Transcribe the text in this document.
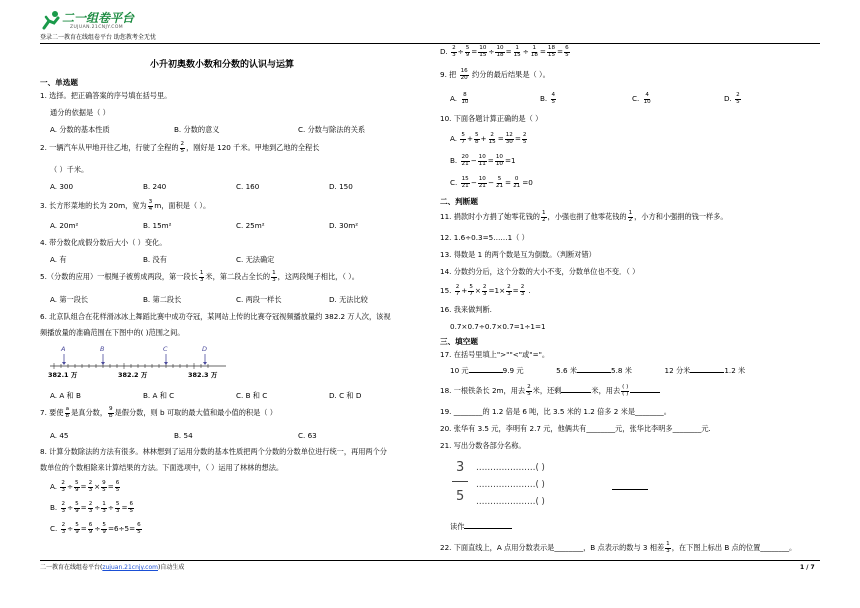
二一组卷平台
ZUJUAN.21CNJY.COM
登录二一教育在线组卷平台 助您教考全无忧
小升初奥数小数和分数的认识与运算
一、单选题
1. 选择。把正确答案的序号填在括号里。
通分的依据是（ ）
A. 分数的基本性质	B. 分数的意义	C. 分数与除法的关系
2. 一辆汽车从甲地开往乙地，行驶了全程的 $\frac{2}{5}$ ，刚好是 120 千米。甲地到乙地的全程长
（ ）千米。
A. 300	B. 240	C. 160	D. 150
3. 长方形菜地的长为 20m，宽为 $\frac{3}{4}$ m，面积是（ ）。
A. 20m²	B. 15m²	C. 25m²	D. 30m²
4. 带分数化成假分数后大小（ ）变化。
A. 有	B. 没有	C. 无法确定
5.（分数的应用）一根绳子被剪成两段，第一段长 $\frac{1}{3}$ 米，第二段占全长的 $\frac{1}{3}$ ，这两段绳子相比，（ ）。
A. 第一段长	B. 第二段长	C. 两段一样长	D. 无法比较
6. 北京队组合在花样滑冰冰上舞蹈比赛中成功夺冠，某网站上传的比赛夺冠视频播放量约 382.2 万人次，该视
频播放量的准确范围在下图中的( )范围之间。
A	B	C	D
382.1 万	382.2 万	382.3 万
A. A 和 B	B. A 和 C	C. B 和 C	D. C 和 D
7. 要使 $\frac{a}{8}$ 是真分数， $\frac{9}{b}$ 是假分数，则 b 可取的最大值和最小值的积是（ ）
A. 45	B. 54	C. 63
8. 计算分数除法的方法有很多。林林想到了运用分数的基本性质把两个分数的分数单位进行统一，再用两个分
数单位的个数相除来计算结果的方法。下面选项中，（ ）运用了林林的想法。
A. $\frac{2}{3} \div \frac{5}{9} = \frac{2}{3} \times \frac{9}{5} = \frac{6}{5}$
B. $\frac{2}{3} \div \frac{5}{9} = \frac{2}{3} \div \frac{1}{3} \div \frac{5}{3} = \frac{6}{5}$
C. $\frac{2}{3} \div \frac{5}{9} = \frac{6}{9} \div \frac{5}{9} =6\div 5= \frac{6}{5}$
D. $\frac{2}{3} \div \frac{5}{9} = \frac{10}{15} \div \frac{10}{18} = \frac{1}{15} \div \frac{1}{18} = \frac{18}{15} = \frac{6}{5}$
9. 把 $\frac{16}{20}$ 约分的最后结果是（ ）。
A. $\frac{8}{10}$	B. $\frac{4}{5}$	C. $\frac{4}{10}$	D. $\frac{2}{5}$
10. 下面各题计算正确的是（ ）
A. $\frac{5}{7} + \frac{5}{8} + \frac{2}{15} = \frac{12}{30} = \frac{2}{5}$
B. $\frac{20}{21} - \frac{10}{11} = \frac{10}{10} =1$
C. $\frac{15}{21} - \frac{10}{21} - \frac{5}{21} = \frac{0}{21} =0$
二、判断题
11. 捐款时小方捐了她零花钱的 $\frac{1}{2}$ ，小强也捐了他零花钱的 $\frac{1}{2}$ ，小方和小强捐的钱一样多。
12. 1.6÷0.3=5……1（ ）
13. 得数是 1 的两个数是互为倒数。（判断对错）
14. 分数约分后，这个分数的大小不变，分数单位也不变．（ ）
15. $\frac{2}{7} + \frac{5}{7} \times \frac{2}{3} =1\times \frac{2}{3} = \frac{2}{3}$ .
16. 我来做判断.
0.7×0.7÷0.7×0.7=1÷1=1
三、填空题
17. 在括号里填上">""<"或"="。
10 元	9.9 元	5.6 米	5.8 米	12 分米	1.2 米
18. 一根铁条长 2m，用去 $\frac{2}{5}$ 米，还剩	米，用去 $\frac{( )}{( )}$
19. ________的 1.2 倍是 6 吨，比 3.5 米的 1.2 倍多 2 米是________。
20. 张华有 3.5 元，李明有 2.7 元，他俩共有________元，张华比李明多________元.
21. 写出分数各部分名称。
3
5
…………………( )
…………………( )
…………………( )
读作
22. 下面直线上，A 点用分数表示是________，B 点表示的数与 3 相差 $\frac{1}{3}$ ，在下图上标出 B 点的位置________。
二一教育在线组卷平台(zujuan.21cnjy.com)自动生成	1 / 7
